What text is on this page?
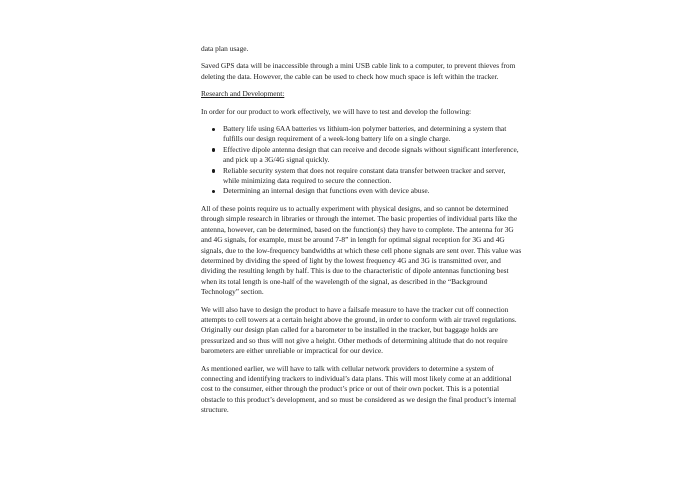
data plan usage.

Saved GPS data will be inaccessible through a mini USB cable link to a computer, to prevent thieves from deleting the data. However, the cable can be used to check how much space is left within the tracker.

Research and Development:

In order for our product to work effectively, we will have to test and develop the following:

Battery life using 6AA batteries vs lithium-ion polymer batteries, and determining a system that fulfills our design requirement of a week-long battery life on a single charge.
Effective dipole antenna design that can receive and decode signals without significant interference, and pick up a 3G/4G signal quickly.
Reliable security system that does not require constant data transfer between tracker and server, while minimizing data required to secure the connection.
Determining an internal design that functions even with device abuse.

All of these points require us to actually experiment with physical designs, and so cannot be determined through simple research in libraries or through the internet. The basic properties of individual parts like the antenna, however, can be determined, based on the function(s) they have to complete. The antenna for 3G and 4G signals, for example, must be around 7-8” in length for optimal signal reception for 3G and 4G signals, due to the low-frequency bandwidths at which these cell phone signals are sent over. This value was determined by dividing the speed of light by the lowest frequency 4G and 3G is transmitted over, and dividing the resulting length by half. This is due to the characteristic of dipole antennas functioning best when its total length is one-half of the wavelength of the signal, as described in the “Background Technology” section.

We will also have to design the product to have a failsafe measure to have the tracker cut off connection attempts to cell towers at a certain height above the ground, in order to conform with air travel regulations. Originally our design plan called for a barometer to be installed in the tracker, but baggage holds are pressurized and so thus will not give a height. Other methods of determining altitude that do not require barometers are either unreliable or impractical for our device.

As mentioned earlier, we will have to talk with cellular network providers to determine a system of connecting and identifying trackers to individual’s data plans. This will most likely come at an additional cost to the consumer, either through the product’s price or out of their own pocket. This is a potential obstacle to this product’s development, and so must be considered as we design the final product’s internal structure.
